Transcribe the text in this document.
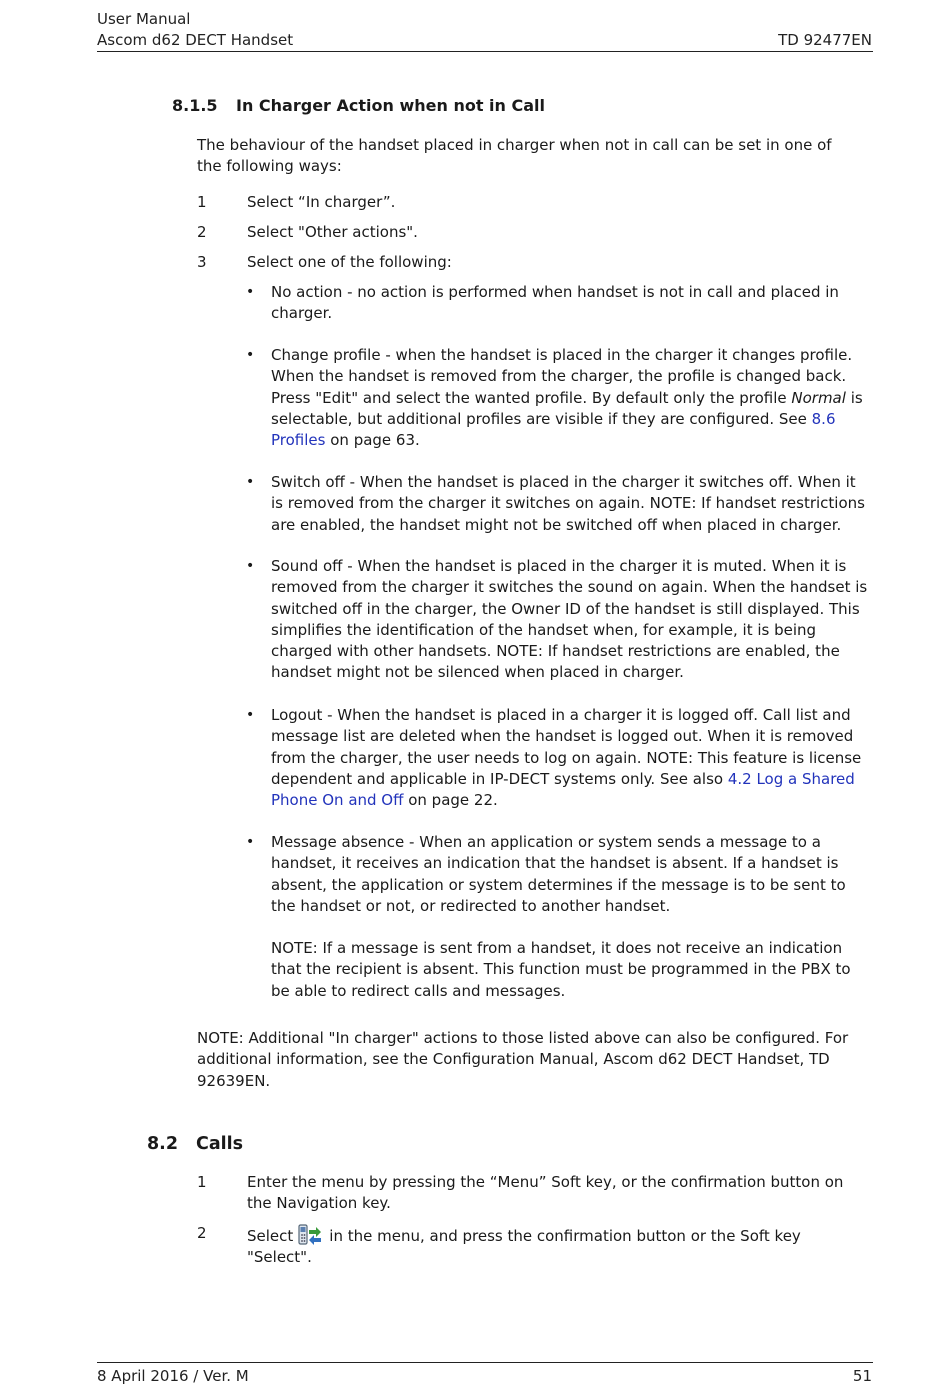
User Manual
Ascom d62 DECT Handset	TD 92477EN
8.1.5 In Charger Action when not in Call
The behaviour of the handset placed in charger when not in call can be set in one of the following ways:
1	Select “In charger”.
2	Select "Other actions".
3	Select one of the following:
•	No action - no action is performed when handset is not in call and placed in charger.
•	Change profile - when the handset is placed in the charger it changes profile. When the handset is removed from the charger, the profile is changed back. Press "Edit" and select the wanted profile. By default only the profile Normal is selectable, but additional profiles are visible if they are configured. See 8.6 Profiles on page 63.
•	Switch off - When the handset is placed in the charger it switches off. When it is removed from the charger it switches on again. NOTE: If handset restrictions are enabled, the handset might not be switched off when placed in charger.
•	Sound off - When the handset is placed in the charger it is muted. When it is removed from the charger it switches the sound on again. When the handset is switched off in the charger, the Owner ID of the handset is still displayed. This simplifies the identification of the handset when, for example, it is being charged with other handsets. NOTE: If handset restrictions are enabled, the handset might not be silenced when placed in charger.
•	Logout - When the handset is placed in a charger it is logged off. Call list and message list are deleted when the handset is logged out. When it is removed from the charger, the user needs to log on again. NOTE: This feature is license dependent and applicable in IP-DECT systems only. See also 4.2 Log a Shared Phone On and Off on page 22.
•	Message absence - When an application or system sends a message to a handset, it receives an indication that the handset is absent. If a handset is absent, the application or system determines if the message is to be sent to the handset or not, or redirected to another handset.
NOTE: If a message is sent from a handset, it does not receive an indication that the recipient is absent. This function must be programmed in the PBX to be able to redirect calls and messages.
NOTE: Additional "In charger" actions to those listed above can also be configured. For additional information, see the Configuration Manual, Ascom d62 DECT Handset, TD 92639EN.
8.2 Calls
1	Enter the menu by pressing the “Menu” Soft key, or the confirmation button on the Navigation key.
2	Select in the menu, and press the confirmation button or the Soft key "Select".
8 April 2016 / Ver. M	51
